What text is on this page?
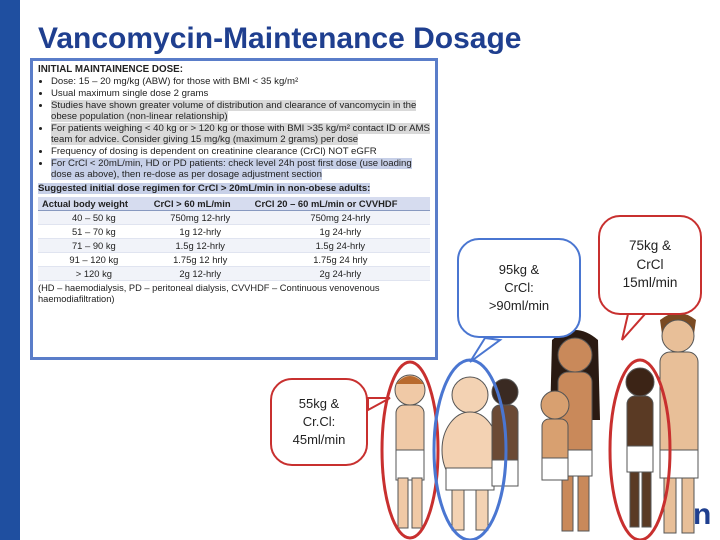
Vancomycin-Maintenance Dosage
INITIAL MAINTAINENCE DOSE:
• Dose: 15 – 20 mg/kg (ABW) for those with BMI < 35 kg/m²
• Usual maximum single dose 2 grams
• Studies have shown greater volume of distribution and clearance of vancomycin in the obese population (non-linear relationship)
• For patients weighing < 40 kg or > 120 kg or those with BMI >35 kg/m² contact ID or AMS team for advice. Consider giving 15 mg/kg (maximum 2 grams) per dose
• Frequency of dosing is dependent on creatinine clearance (CrCl) NOT eGFR
• For CrCl < 20mL/min, HD or PD patients: check level 24h post first dose (use loading dose as above), then re-dose as per dosage adjustment section
Suggested initial dose regimen for CrCl > 20mL/min in non-obese adults:
Actual body weight	CrCl > 60 mL/min	CrCl 20 – 60 mL/min or CVVHDF
40 – 50 kg	750mg 12-hrly	750mg 24-hrly
51 – 70 kg	1g 12-hrly	1g 24-hrly
71 – 90 kg	1.5g 12-hrly	1.5g 24-hrly
91 – 120 kg	1.75g 12 hrly	1.75g 24 hrly
> 120 kg	2g 12-hrly	2g 24-hrly
(HD – haemodialysis, PD – peritoneal dialysis, CVVHDF – Continuous venovenous haemodiafiltration)
95kg &
CrCl:
>90ml/min
75kg &
CrCl
15ml/min
55kg &
Cr.Cl:
45ml/min
n
